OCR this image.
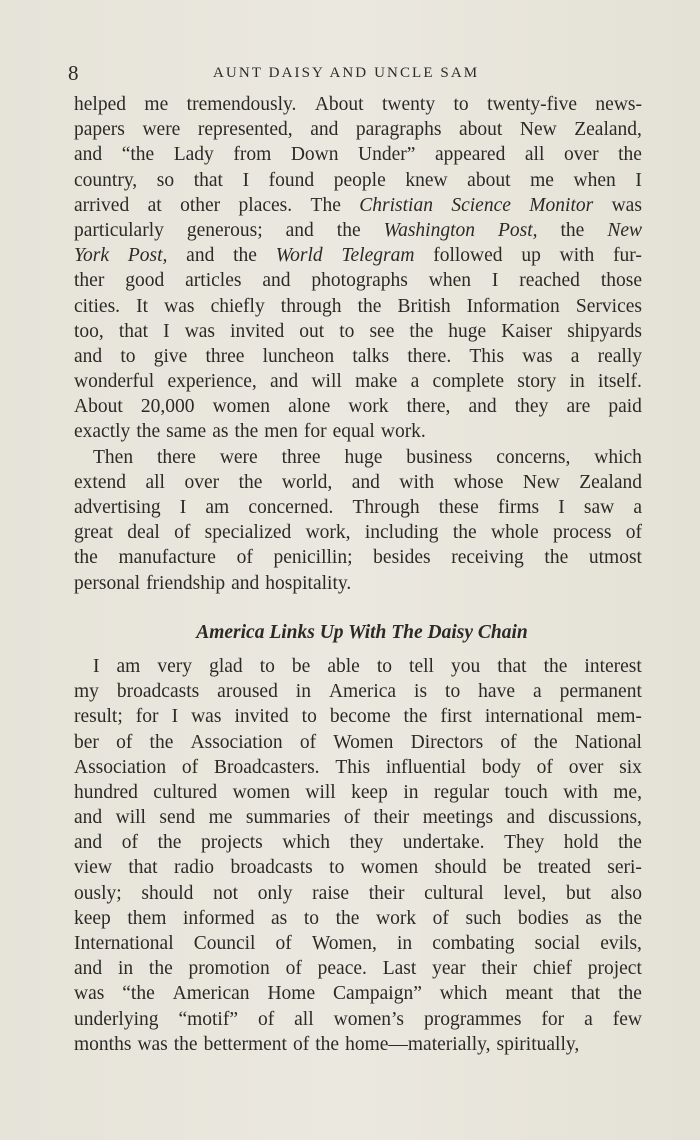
8	AUNT DAISY AND UNCLE SAM
helped me tremendously. About twenty to twenty-five news-
papers were represented, and paragraphs about New Zealand,
and “the Lady from Down Under” appeared all over the
country, so that I found people knew about me when I
arrived at other places. The Christian Science Monitor was
particularly generous; and the Washington Post, the New
York Post, and the World Telegram followed up with fur-
ther good articles and photographs when I reached those
cities. It was chiefly through the British Information Services
too, that I was invited out to see the huge Kaiser shipyards
and to give three luncheon talks there. This was a really
wonderful experience, and will make a complete story in itself.
About 20,000 women alone work there, and they are paid
exactly the same as the men for equal work.
Then there were three huge business concerns, which
extend all over the world, and with whose New Zealand
advertising I am concerned. Through these firms I saw a
great deal of specialized work, including the whole process of
the manufacture of penicillin; besides receiving the utmost
personal friendship and hospitality.
America Links Up With The Daisy Chain
I am very glad to be able to tell you that the interest
my broadcasts aroused in America is to have a permanent
result; for I was invited to become the first international mem-
ber of the Association of Women Directors of the National
Association of Broadcasters. This influential body of over six
hundred cultured women will keep in regular touch with me,
and will send me summaries of their meetings and discussions,
and of the projects which they undertake. They hold the
view that radio broadcasts to women should be treated seri-
ously; should not only raise their cultural level, but also
keep them informed as to the work of such bodies as the
International Council of Women, in combating social evils,
and in the promotion of peace. Last year their chief project
was “the American Home Campaign” which meant that the
underlying “motif” of all women’s programmes for a few
months was the betterment of the home—materially, spiritually,
